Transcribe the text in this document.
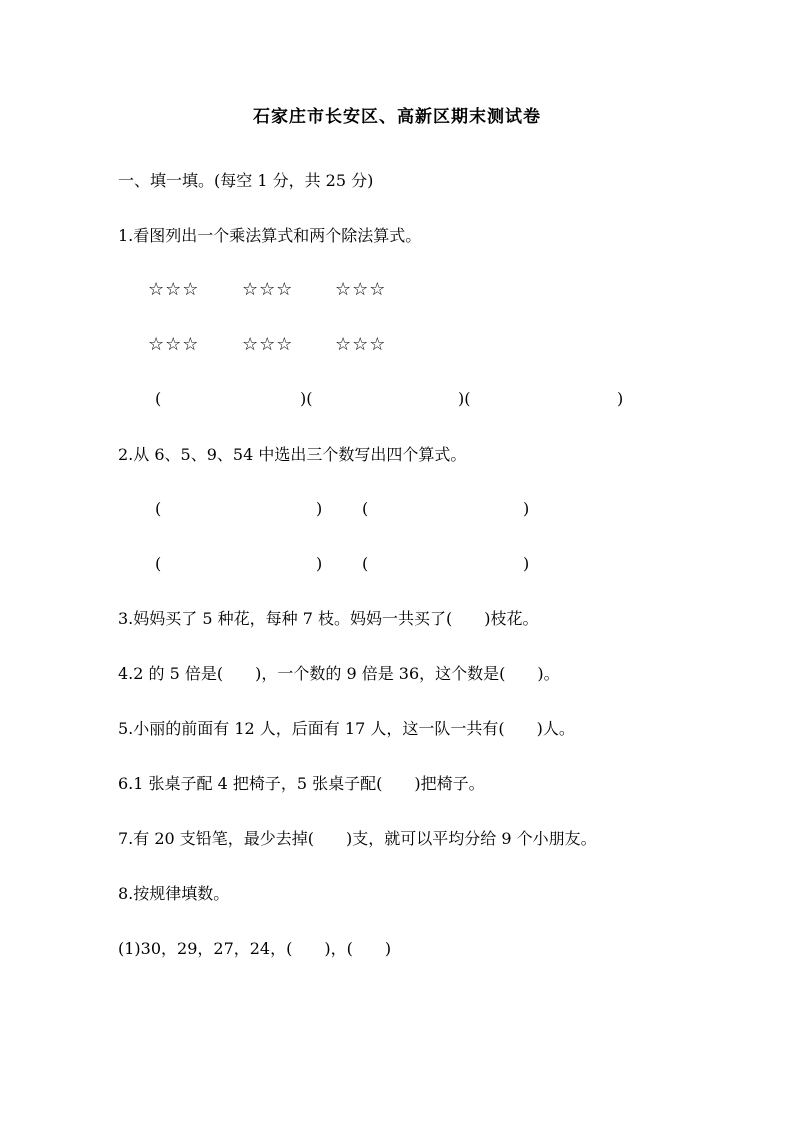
石家庄市长安区、高新区期末测试卷
一、填一填。(每空 1 分，共 25 分)
1.看图列出一个乘法算式和两个除法算式。
☆☆☆ ☆☆☆ ☆☆☆
☆☆☆ ☆☆☆ ☆☆☆
(	)(	)(	)
2.从 6、5、9、54 中选出三个数写出四个算式。
(	) (	)
(	) (	)
3.妈妈买了 5 种花，每种 7 枝。妈妈一共买了(　　)枝花。
4.2 的 5 倍是(　　)，一个数的 9 倍是 36，这个数是(　　)。
5.小丽的前面有 12 人，后面有 17 人，这一队一共有(　　)人。
6.1 张桌子配 4 把椅子，5 张桌子配(　　)把椅子。
7.有 20 支铅笔，最少去掉(　　)支，就可以平均分给 9 个小朋友。
8.按规律填数。
(1)30，29，27，24，(　　)，(　　)
